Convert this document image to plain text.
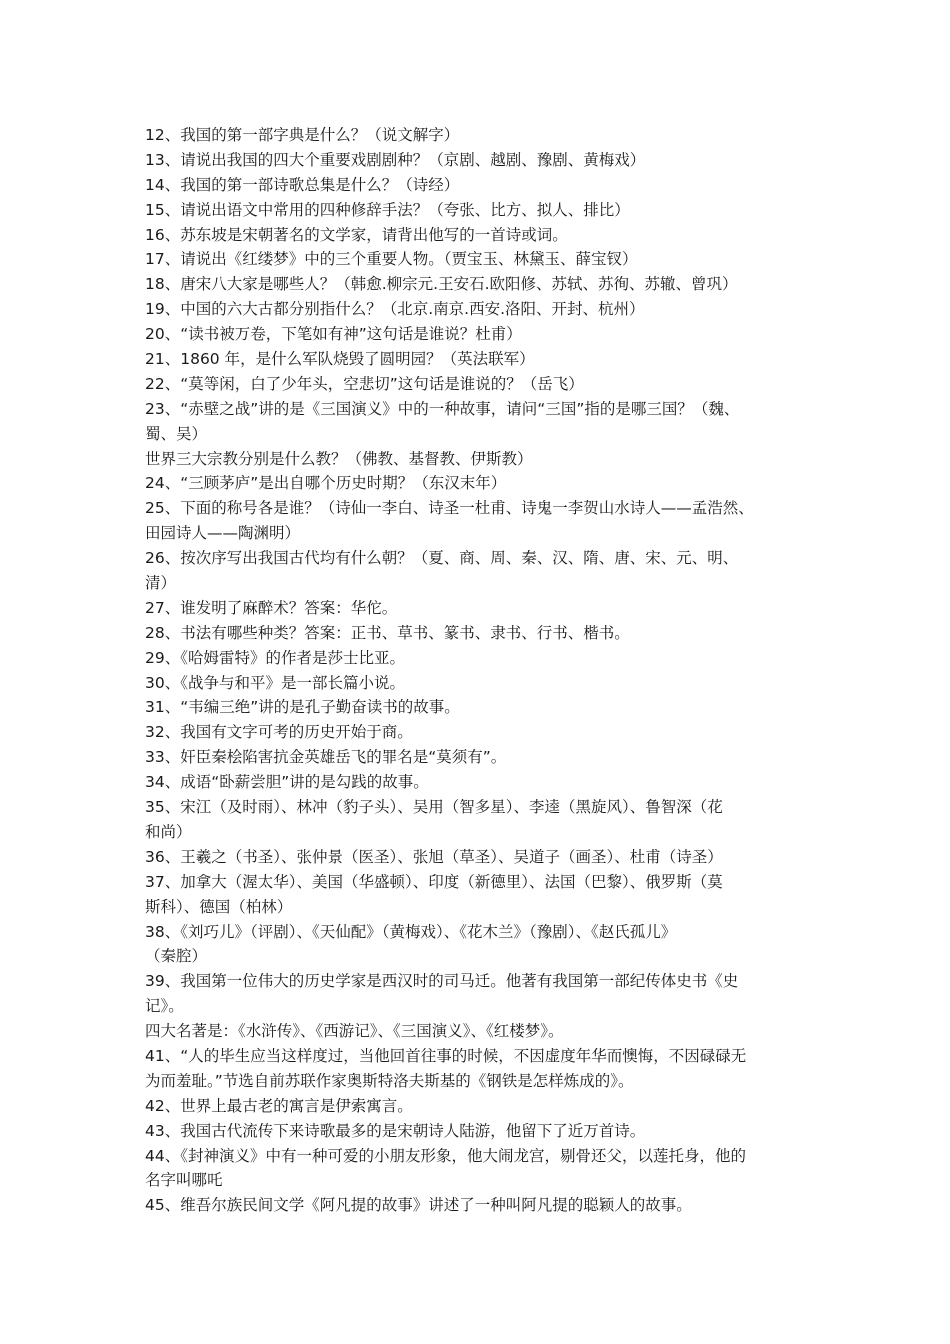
12、我国的第一部字典是什么？（说文解字）

13、请说出我国的四大个重要戏剧剧种？（京剧、越剧、豫剧、黄梅戏）

14、我国的第一部诗歌总集是什么？（诗经）

15、请说出语文中常用的四种修辞手法？（夸张、比方、拟人、排比）

16、苏东坡是宋朝著名的文学家，请背出他写的一首诗或词。

17、请说出《红缕梦》中的三个重要人物。（贾宝玉、林黛玉、薛宝钗）

18、唐宋八大家是哪些人？（韩愈.柳宗元.王安石.欧阳修、苏轼、苏徇、苏辙、曾巩）

19、中国的六大古都分别指什么？（北京.南京.西安.洛阳、开封、杭州）

20、“读书被万卷，下笔如有神”这句话是谁说？杜甫）

21、1860 年，是什么军队烧毁了圆明园？（英法联军）

22、“莫等闲，白了少年头，空悲切”这句话是谁说的？（岳飞）

23、“赤壁之战”讲的是《三国演义》中的一种故事，请问“三国”指的是哪三国？（魏、

蜀、吴）

世界三大宗教分别是什么教？（佛教、基督教、伊斯教）

24、“三顾茅庐”是出自哪个历史时期？（东汉末年）

25、下面的称号各是谁？（诗仙一李白、诗圣一杜甫、诗鬼一李贺山水诗人——孟浩然、

田园诗人——陶渊明）

26、按次序写出我国古代均有什么朝？（夏、商、周、秦、汉、隋、唐、宋、元、明、

清）

27、谁发明了麻醉术？答案：华佗。

28、书法有哪些种类？答案：正书、草书、篆书、隶书、行书、楷书。

29、《哈姆雷特》的作者是莎士比亚。

30、《战争与和平》是一部长篇小说。

31、“韦编三绝”讲的是孔子勤奋读书的故事。

32、我国有文字可考的历史开始于商。

33、奸臣秦桧陷害抗金英雄岳飞的罪名是“莫须有”。

34、成语“卧薪尝胆”讲的是勾践的故事。

35、宋江（及时雨）、林冲（豹子头）、吴用（智多星）、李逵（黑旋风）、鲁智深（花

和尚）

36、王羲之（书圣）、张仲景（医圣）、张旭（草圣）、吴道子（画圣）、杜甫（诗圣）

37、加拿大（渥太华）、美国（华盛顿）、印度（新德里）、法国（巴黎）、俄罗斯（莫

斯科）、德国（柏林）

38、《刘巧儿》（评剧）、《天仙配》（黄梅戏）、《花木兰》（豫剧）、《赵氏孤儿》

（秦腔）

39、我国第一位伟大的历史学家是西汉时的司马迁。他著有我国第一部纪传体史书《史

记》。

四大名著是：《水浒传》、《西游记》、《三国演义》、《红楼梦》。

41、“人的毕生应当这样度过，当他回首往事的时候，不因虚度年华而懊悔，不因碌碌无

为而羞耻。”节选自前苏联作家奥斯特洛夫斯基的《钢铁是怎样炼成的》。

42、世界上最古老的寓言是伊索寓言。

43、我国古代流传下来诗歌最多的是宋朝诗人陆游，他留下了近万首诗。

44、《封神演义》中有一种可爱的小朋友形象，他大闹龙宫，剔骨还父，以莲托身，他的

名字叫哪吒

45、维吾尔族民间文学《阿凡提的故事》讲述了一种叫阿凡提的聪颖人的故事。
